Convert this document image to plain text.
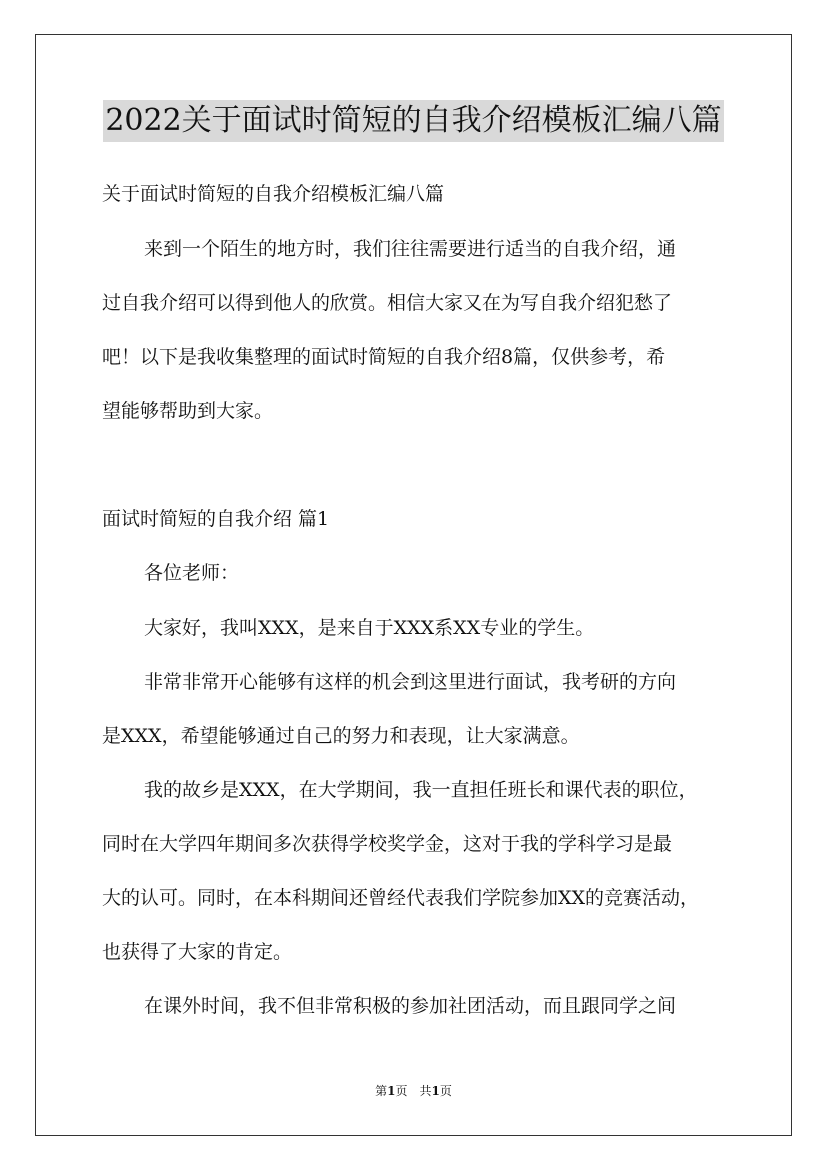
2022关于面试时简短的自我介绍模板汇编八篇
关于面试时简短的自我介绍模板汇编八篇
来到一个陌生的地方时，我们往往需要进行适当的自我介绍，通
过自我介绍可以得到他人的欣赏。相信大家又在为写自我介绍犯愁了
吧！以下是我收集整理的面试时简短的自我介绍8篇，仅供参考，希
望能够帮助到大家。
面试时简短的自我介绍 篇1
各位老师：
大家好，我叫XXX，是来自于XXX系XX专业的学生。
非常非常开心能够有这样的机会到这里进行面试，我考研的方向
是XXX，希望能够通过自己的努力和表现，让大家满意。
我的故乡是XXX，在大学期间，我一直担任班长和课代表的职位，
同时在大学四年期间多次获得学校奖学金，这对于我的学科学习是最
大的认可。同时，在本科期间还曾经代表我们学院参加XX的竞赛活动，
也获得了大家的肯定。
在课外时间，我不但非常积极的参加社团活动，而且跟同学之间
第1页　共1页
